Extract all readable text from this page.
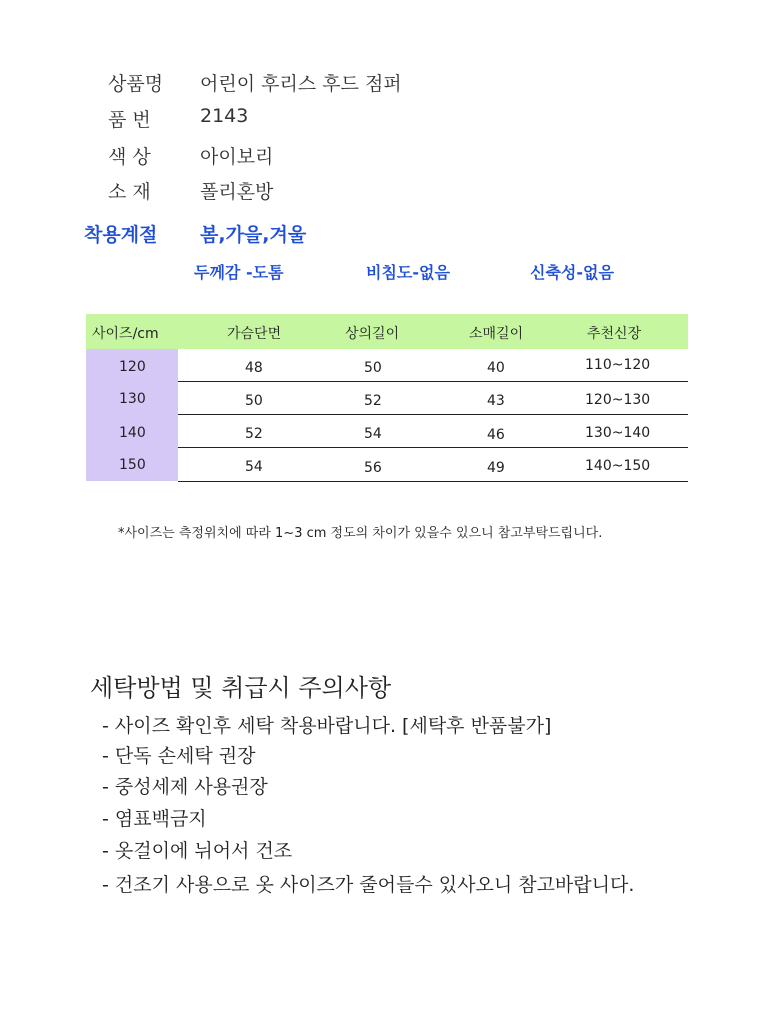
상품명 어린이 후리스 후드 점퍼
품 번	2143
색 상	아이보리
소 재	폴리혼방
착용계절 봄,가을,겨울
두께감 -도톰	비침도-없음	신축성-없음
사이즈/cm	가슴단면	상의길이	소매길이	추천신장
120	48	50	40	110~120
130	50	52	43	120~130
140	52	54	46	130~140
150	54	56	49	140~150
*사이즈는 측정위치에 따라 1~3 cm 정도의 차이가 있을수 있으니 참고부탁드립니다.
세탁방법 및 취급시 주의사항
- 사이즈 확인후 세탁 착용바랍니다. [세탁후 반품불가]
- 단독 손세탁 권장
- 중성세제 사용권장
- 염표백금지
- 옷걸이에 뉘어서 건조
- 건조기 사용으로 옷 사이즈가 줄어들수 있사오니 참고바랍니다.
